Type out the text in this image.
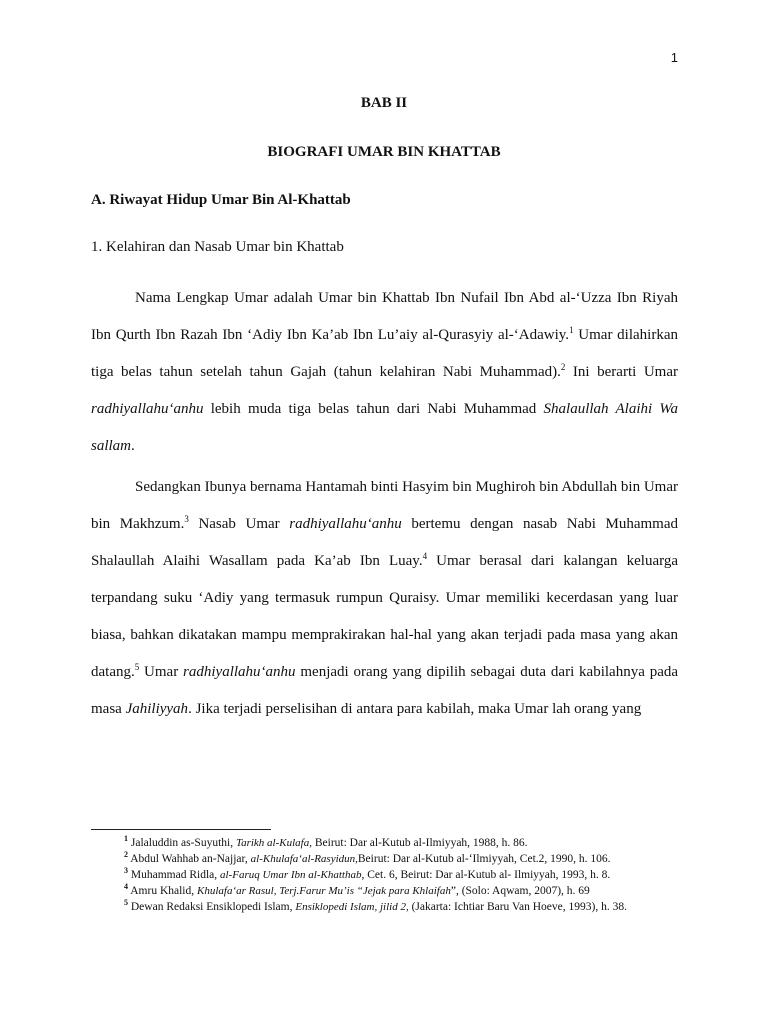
1
BAB II
BIOGRAFI UMAR BIN KHATTAB
A. Riwayat Hidup Umar Bin Al-Khattab
1. Kelahiran dan Nasab Umar bin Khattab

Nama Lengkap Umar adalah Umar bin Khattab Ibn Nufail Ibn Abd al-‘Uzza Ibn Riyah Ibn Qurth Ibn Razah Ibn ‘Adiy Ibn Ka’ab Ibn Lu’aiy al-Qurasyiy al-‘Adawiy.$^1$ Umar dilahirkan tiga belas tahun setelah tahun Gajah (tahun kelahiran Nabi Muhammad).$^2$ Ini berarti Umar radhiyallahu‘anhu lebih muda tiga belas tahun dari Nabi Muhammad Shalaullah Alaihi Wa sallam.

Sedangkan Ibunya bernama Hantamah binti Hasyim bin Mughiroh bin Abdullah bin Umar bin Makhzum.$^3$ Nasab Umar radhiyallahu‘anhu bertemu dengan nasab Nabi Muhammad Shalaullah Alaihi Wasallam pada Ka’ab Ibn Luay.$^4$ Umar berasal dari kalangan keluarga terpandang suku ‘Adiy yang termasuk rumpun Quraisy. Umar memiliki kecerdasan yang luar biasa, bahkan dikatakan mampu memprakirakan hal-hal yang akan terjadi pada masa yang akan datang.$^5$ Umar radhiyallahu‘anhu menjadi orang yang dipilih sebagai duta dari kabilahnya pada masa Jahiliyyah. Jika terjadi perselisihan di antara para kabilah, maka Umar lah orang yang

$^1$ Jalaluddin as-Suyuthi, Tarikh al-Kulafa, Beirut: Dar al-Kutub al-Ilmiyyah, 1988, h. 86.

$^2$ Abdul Wahhab an-Najjar, al-Khulafa‘al-Rasyidun,Beirut: Dar al-Kutub al-‘Ilmiyyah, Cet.2, 1990, h. 106.

$^3$ Muhammad Ridla, al-Faruq Umar Ibn al-Khatthab, Cet. 6, Beirut: Dar al-Kutub al- Ilmiyyah, 1993, h. 8.

$^4$ Amru Khalid, Khulafa‘ar Rasul, Terj.Farur Mu’is “Jejak para Khlaifah”, (Solo: Aqwam, 2007), h. 69

$^5$ Dewan Redaksi Ensiklopedi Islam, Ensiklopedi Islam, jilid 2, (Jakarta: Ichtiar Baru Van Hoeve, 1993), h. 38.
